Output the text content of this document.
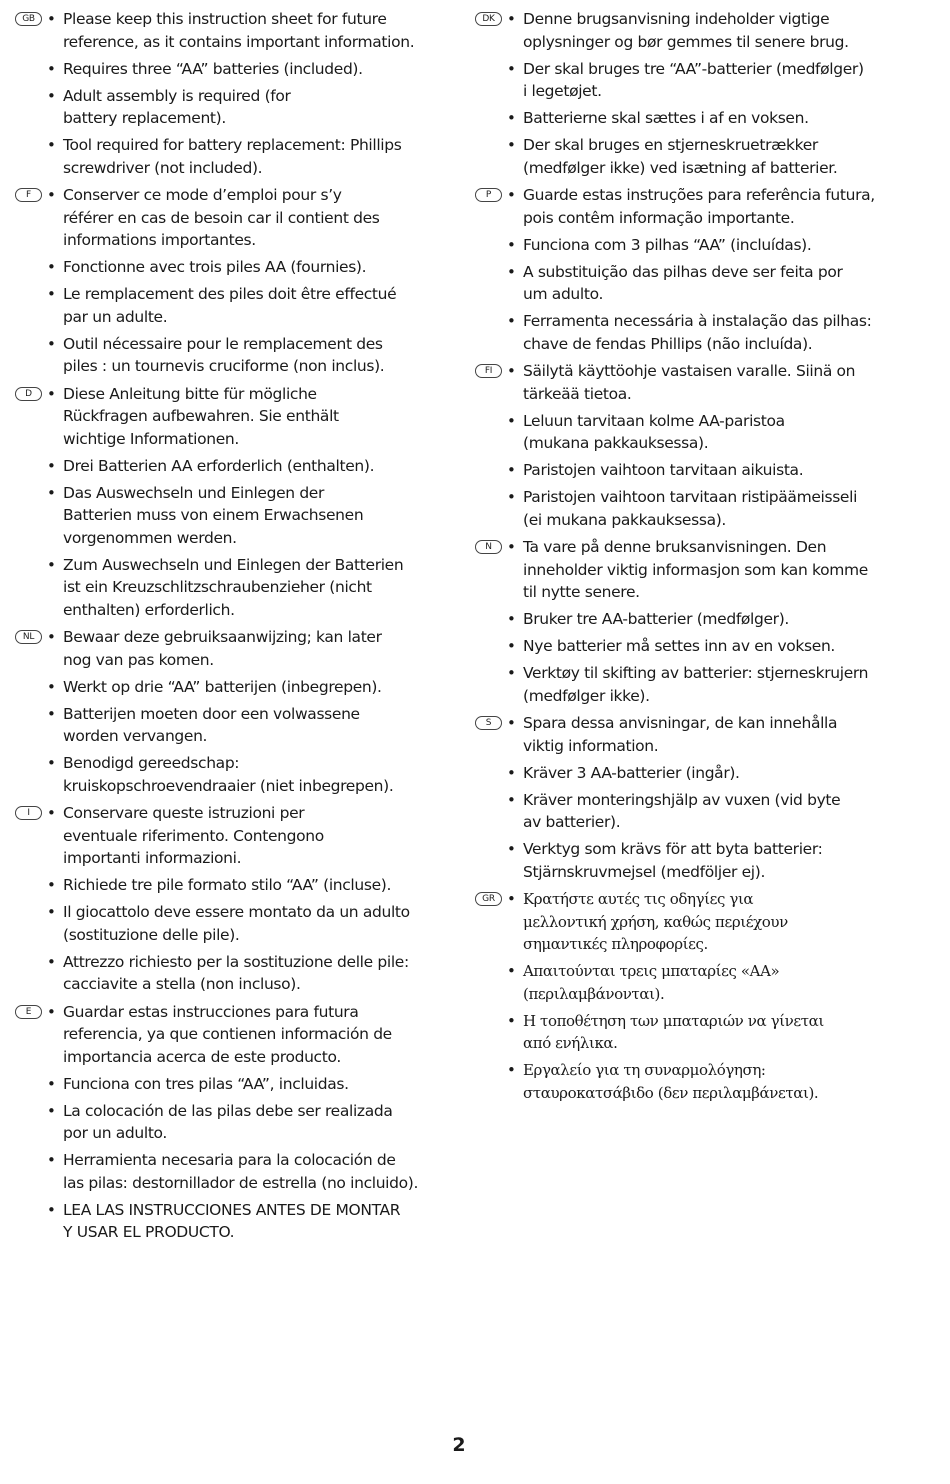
GB	• Please keep this instruction sheet for future
reference, as it contains important information.
• Requires three “AA” batteries (included).
• Adult assembly is required (for
battery replacement).
• Tool required for battery replacement: Phillips
screwdriver (not included).
F	• Conserver ce mode d’emploi pour s’y
référer en cas de besoin car il contient des
informations importantes.
• Fonctionne avec trois piles AA (fournies).
• Le remplacement des piles doit être effectué
par un adulte.
• Outil nécessaire pour le remplacement des
piles : un tournevis cruciforme (non inclus).
D	• Diese Anleitung bitte für mögliche
Rückfragen aufbewahren. Sie enthält
wichtige Informationen.
• Drei Batterien AA erforderlich (enthalten).
• Das Auswechseln und Einlegen der
Batterien muss von einem Erwachsenen
vorgenommen werden.
• Zum Auswechseln und Einlegen der Batterien
ist ein Kreuzschlitzschraubenzieher (nicht
enthalten) erforderlich.
NL	• Bewaar deze gebruiksaanwijzing; kan later
nog van pas komen.
• Werkt op drie “AA” batterijen (inbegrepen).
• Batterijen moeten door een volwassene
worden vervangen.
• Benodigd gereedschap:
kruiskopschroevendraaier (niet inbegrepen).
I	• Conservare queste istruzioni per
eventuale riferimento. Contengono
importanti informazioni.
• Richiede tre pile formato stilo “AA” (incluse).
• Il giocattolo deve essere montato da un adulto
(sostituzione delle pile).
• Attrezzo richiesto per la sostituzione delle pile:
cacciavite a stella (non incluso).
E	• Guardar estas instrucciones para futura
referencia, ya que contienen información de
importancia acerca de este producto.
• Funciona con tres pilas “AA”, incluidas.
• La colocación de las pilas debe ser realizada
por un adulto.
• Herramienta necesaria para la colocación de
las pilas: destornillador de estrella (no incluido).
• LEA LAS INSTRUCCIONES ANTES DE MONTAR
Y USAR EL PRODUCTO.
DK	• Denne brugsanvisning indeholder vigtige
oplysninger og bør gemmes til senere brug.
• Der skal bruges tre “AA”-batterier (medfølger)
i legetøjet.
• Batterierne skal sættes i af en voksen.
• Der skal bruges en stjerneskruetrækker
(medfølger ikke) ved isætning af batterier.
P	• Guarde estas instruções para referência futura,
pois contêm informação importante.
• Funciona com 3 pilhas “AA” (incluídas).
• A substituição das pilhas deve ser feita por
um adulto.
• Ferramenta necessária à instalação das pilhas:
chave de fendas Phillips (não incluída).
FI	• Säilytä käyttöohje vastaisen varalle. Siinä on
tärkeää tietoa.
• Leluun tarvitaan kolme AA-paristoa
(mukana pakkauksessa).
• Paristojen vaihtoon tarvitaan aikuista.
• Paristojen vaihtoon tarvitaan ristipäämeisseli
(ei mukana pakkauksessa).
N	• Ta vare på denne bruksanvisningen. Den
inneholder viktig informasjon som kan komme
til nytte senere.
• Bruker tre AA-batterier (medfølger).
• Nye batterier må settes inn av en voksen.
• Verktøy til skifting av batterier: stjerneskrujern
(medfølger ikke).
S	• Spara dessa anvisningar, de kan innehålla
viktig information.
• Kräver 3 AA-batterier (ingår).
• Kräver monteringshjälp av vuxen (vid byte
av batterier).
• Verktyg som krävs för att byta batterier:
Stjärnskruvmejsel (medföljer ej).
GR	• Κρατήστε αυτές τις οδηγίες για
μελλοντική χρήση, καθώς περιέχουν
σημαντικές πληροφορίες.
• Απαιτούνται τρεις μπαταρίες «AA»
(περιλαμβάνονται).
• Η τοποθέτηση των μπαταριών να γίνεται
από ενήλικα.
• Εργαλείο για τη συναρμολόγηση:
σταυροκατσάβιδο (δεν περιλαμβάνεται).
2
